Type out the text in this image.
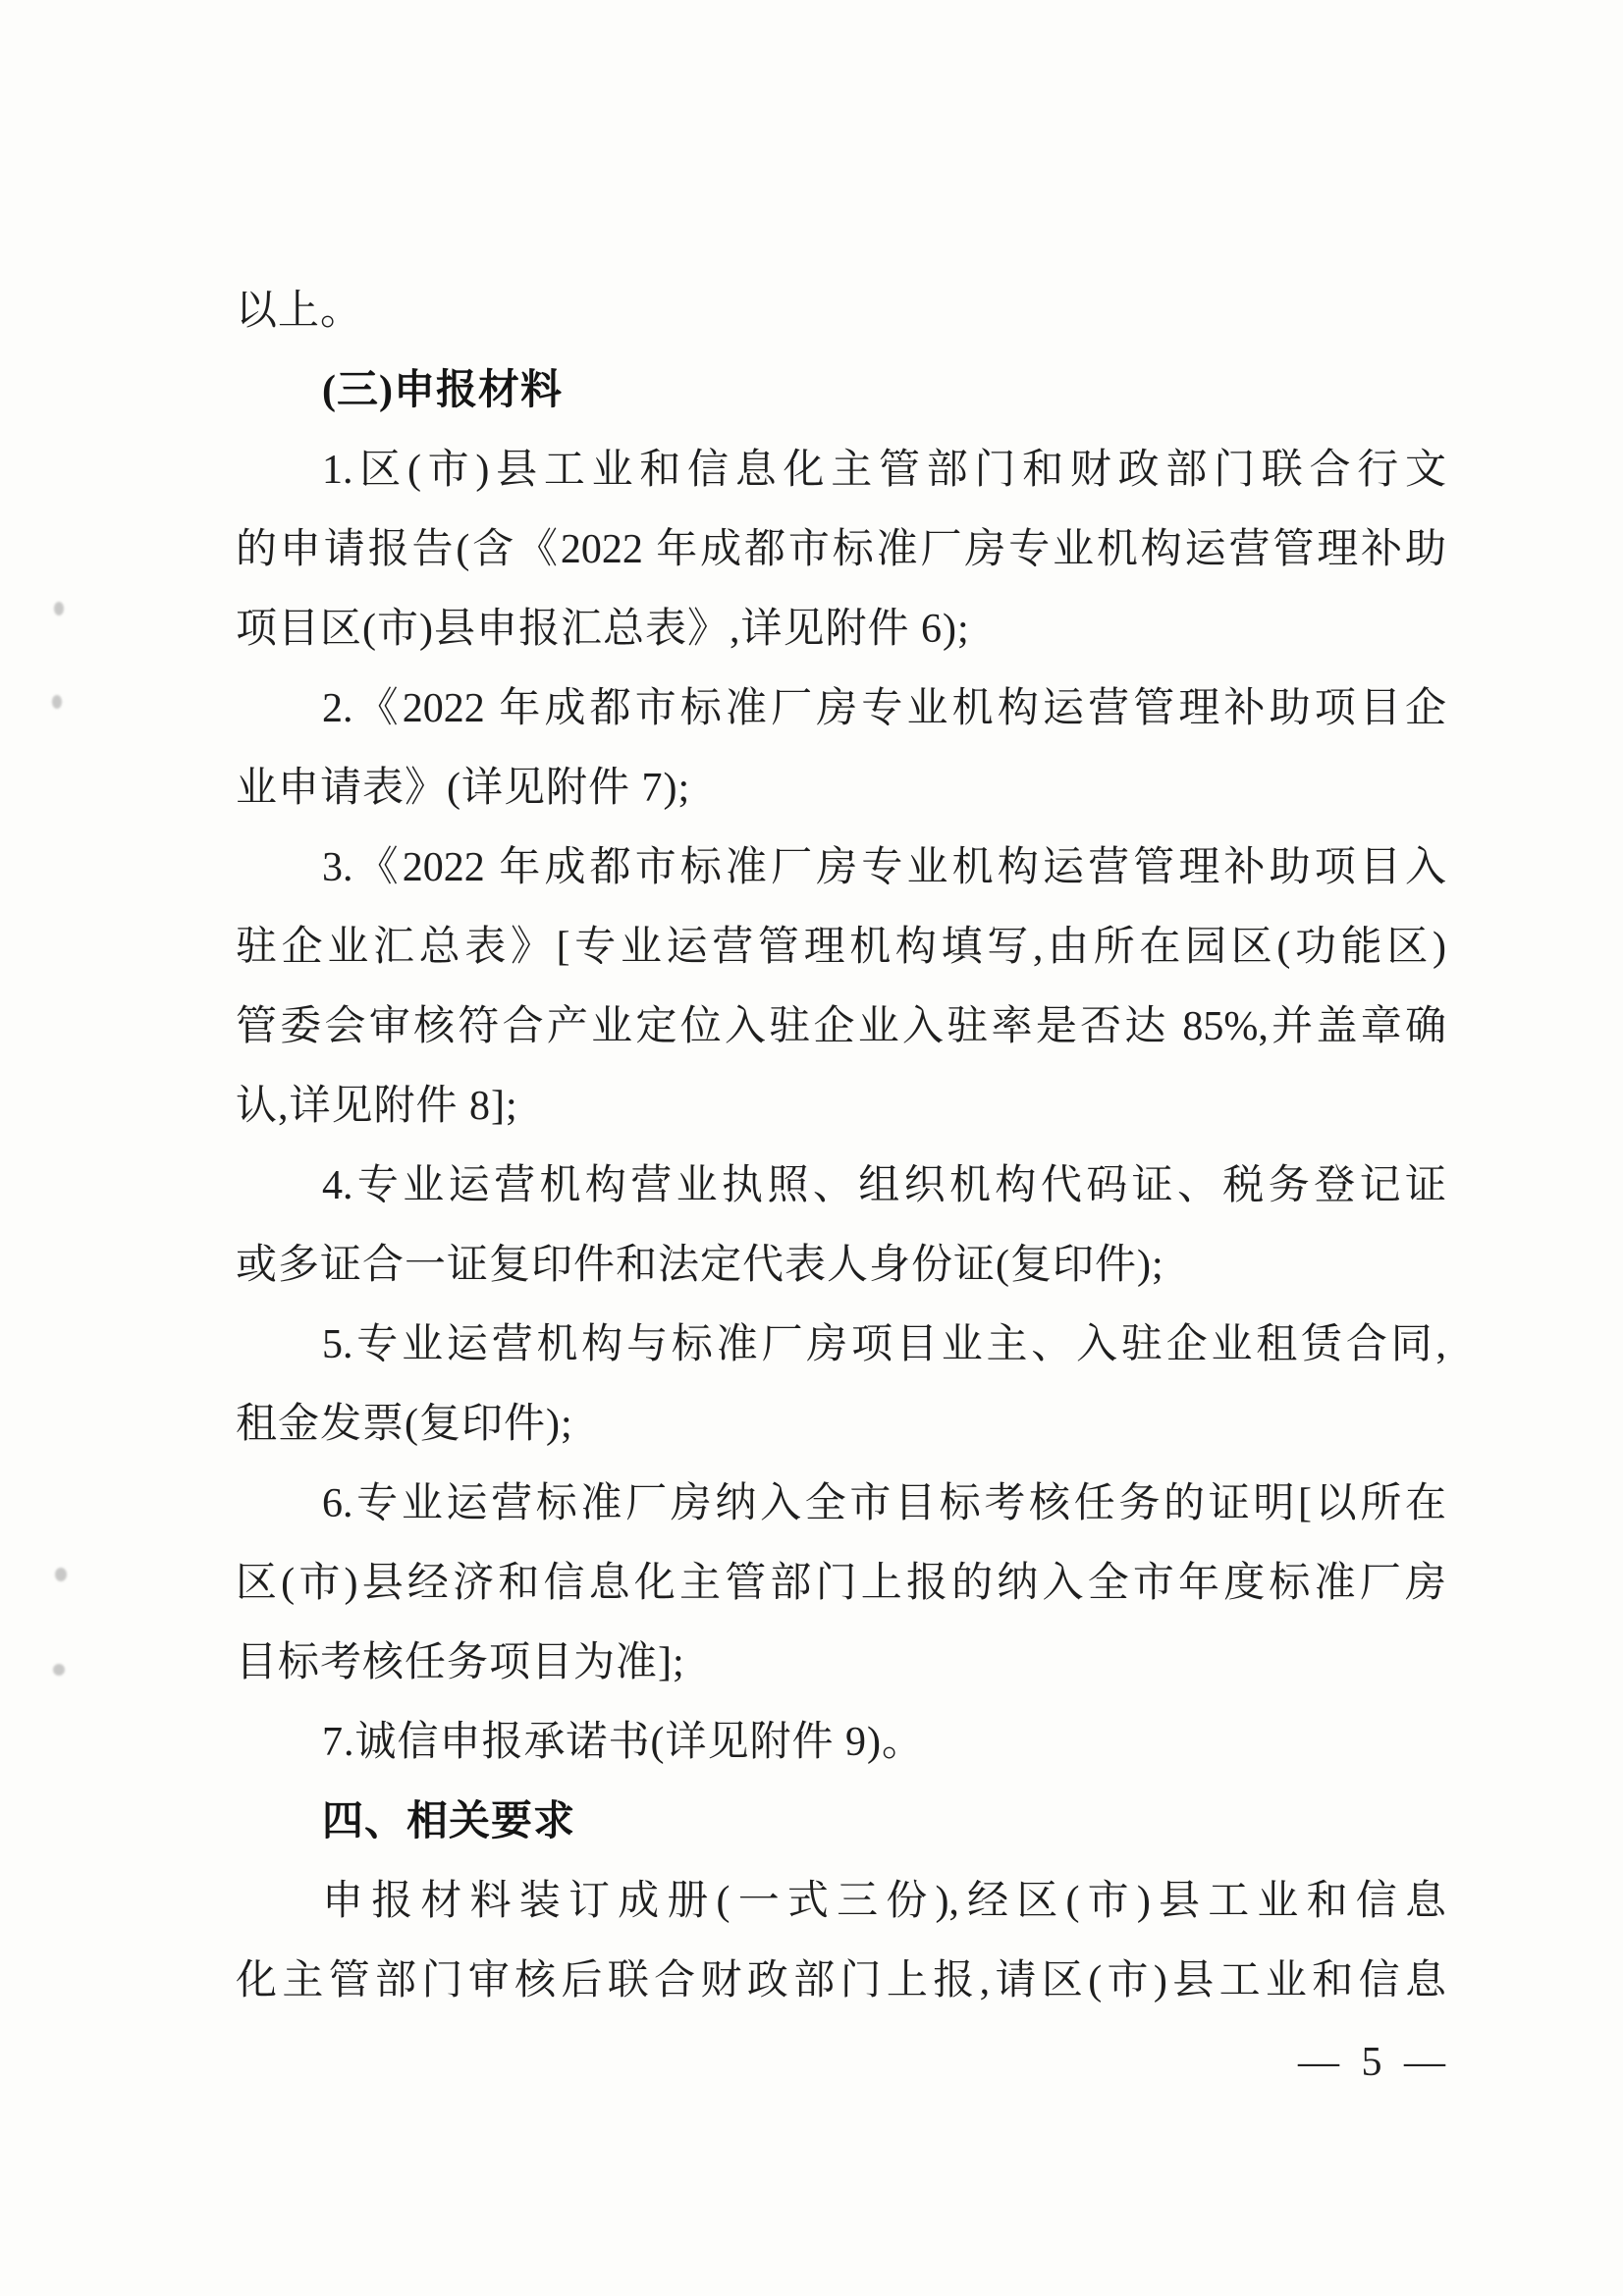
以上。
(三)申报材料
1.区(市)县工业和信息化主管部门和财政部门联合行文
的申请报告(含《2022 年成都市标准厂房专业机构运营管理补助
项目区(市)县申报汇总表》,详见附件 6);
2.《2022 年成都市标准厂房专业机构运营管理补助项目企
业申请表》(详见附件 7);
3.《2022 年成都市标准厂房专业机构运营管理补助项目入
驻企业汇总表》[专业运营管理机构填写,由所在园区(功能区)
管委会审核符合产业定位入驻企业入驻率是否达 85%,并盖章确
认,详见附件 8];
4.专业运营机构营业执照、组织机构代码证、税务登记证
或多证合一证复印件和法定代表人身份证(复印件);
5.专业运营机构与标准厂房项目业主、入驻企业租赁合同,
租金发票(复印件);
6.专业运营标准厂房纳入全市目标考核任务的证明[以所在
区(市)县经济和信息化主管部门上报的纳入全市年度标准厂房
目标考核任务项目为准];
7.诚信申报承诺书(详见附件 9)。
四、相关要求
申报材料装订成册(一式三份),经区(市)县工业和信息
化主管部门审核后联合财政部门上报,请区(市)县工业和信息
— 5 —
